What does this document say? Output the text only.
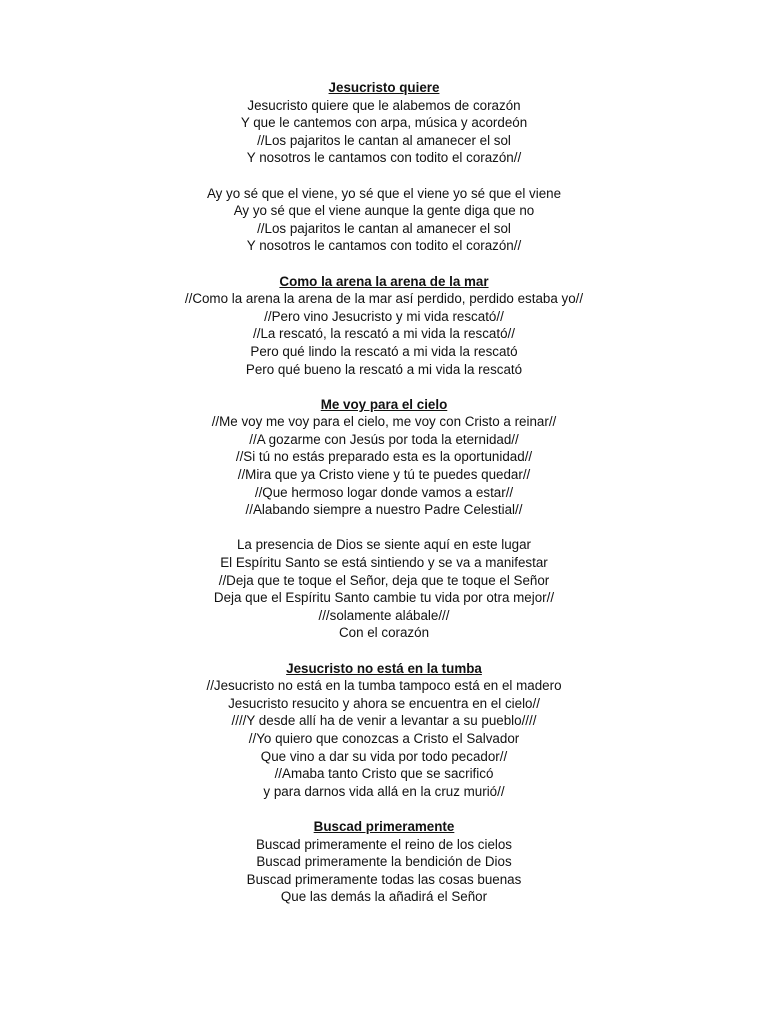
Jesucristo quiere
Jesucristo quiere que le alabemos de corazón
Y que le cantemos con arpa, música y acordeón
//Los pajaritos le cantan al amanecer el sol
Y nosotros le cantamos con todito el corazón//
Ay yo sé que el viene, yo sé que el viene yo sé que el viene
Ay yo sé que el viene aunque la gente diga que no
//Los pajaritos le cantan al amanecer el sol
Y nosotros le cantamos con todito el corazón//
Como la arena la arena de la mar
//Como la arena la arena de la mar así perdido, perdido estaba yo//
//Pero vino Jesucristo y mi vida rescató//
//La rescató, la rescató a mi vida la rescató//
Pero qué lindo la rescató a mi vida la rescató
Pero qué bueno la rescató a mi vida la rescató
Me voy para el cielo
//Me voy me voy para el cielo, me voy con Cristo a reinar//
//A gozarme con Jesús por toda la eternidad//
//Si tú no estás preparado esta es la oportunidad//
//Mira que ya Cristo viene y tú te puedes quedar//
//Que hermoso logar donde vamos a estar//
//Alabando siempre a nuestro Padre Celestial//
La presencia de Dios se siente aquí en este lugar
El Espíritu Santo se está sintiendo y se va a manifestar
//Deja que te toque el Señor, deja que te toque el Señor
Deja que el Espíritu Santo cambie tu vida por otra mejor//
///solamente alábale///
Con el corazón
Jesucristo no está en la tumba
//Jesucristo no está en la tumba tampoco está en el madero
Jesucristo resucito y ahora se encuentra en el cielo//
////Y desde allí ha de venir a levantar a su pueblo////
//Yo quiero que conozcas a Cristo el Salvador
Que vino a dar su vida por todo pecador//
//Amaba tanto Cristo que se sacrificó
y para darnos vida allá en la cruz murió//
Buscad primeramente
Buscad primeramente el reino de los cielos
Buscad primeramente la bendición de Dios
Buscad primeramente todas las cosas buenas
Que las demás la añadirá el Señor
